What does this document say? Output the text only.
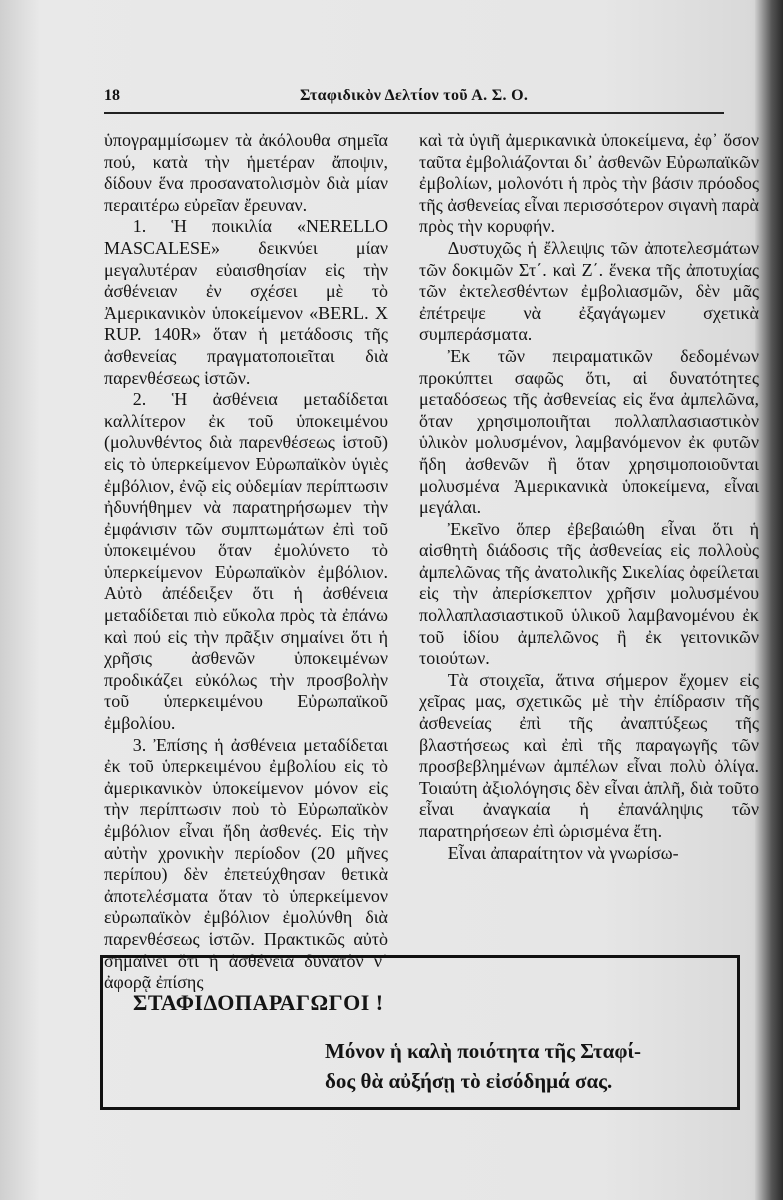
18	Σταφιδικὸν Δελτίον τοῦ Α. Σ. Ο.

ὑπογραμμίσωμεν τὰ ἀκόλουθα σημεῖα πού, κατὰ τὴν ἡμετέραν ἄποψιν, δίδουν ἕνα προσανατολισμὸν διὰ μίαν περαιτέρω εὐρεῖαν ἔρευναν.

1. Ἡ ποικιλία «NERELLO MASCALESE» δεικνύει μίαν μεγαλυτέραν εὐαισθησίαν εἰς τὴν ἀσθένειαν ἐν σχέσει μὲ τὸ Ἀμερικανικὸν ὑποκείμενον «BERL. X RUP. 140R» ὅταν ἡ μετάδοσις τῆς ἀσθενείας πραγματοποιεῖται διὰ παρενθέσεως ἱστῶν.

2. Ἡ ἀσθένεια μεταδίδεται καλλίτερον ἐκ τοῦ ὑποκειμένου (μολυνθέντος διὰ παρενθέσεως ἱστοῦ) εἰς τὸ ὑπερκείμενον Εὐρωπαϊκὸν ὑγιὲς ἐμβόλιον, ἐνῷ εἰς οὐδεμίαν περίπτωσιν ἠδυνήθημεν νὰ παρατηρήσωμεν τὴν ἐμφάνισιν τῶν συμπτωμάτων ἐπὶ τοῦ ὑποκειμένου ὅταν ἐμολύνετο τὸ ὑπερκείμενον Εὐρωπαϊκὸν ἐμβόλιον. Αὐτὸ ἀπέδειξεν ὅτι ἡ ἀσθένεια μεταδίδεται πιὸ εὔκολα πρὸς τὰ ἐπάνω καὶ πού εἰς τὴν πρᾶξιν σημαίνει ὅτι ἡ χρῆσις ἀσθενῶν ὑποκειμένων προδικάζει εὐκόλως τὴν προσβολὴν τοῦ ὑπερκειμένου Εὐρωπαϊκοῦ ἐμβολίου.

3. Ἐπίσης ἡ ἀσθένεια μεταδίδεται ἐκ τοῦ ὑπερκειμένου ἐμβολίου εἰς τὸ ἀμερικανικὸν ὑποκείμενον μόνον εἰς τὴν περίπτωσιν ποὺ τὸ Εὐρωπαϊκὸν ἐμβόλιον εἶναι ἤδη ἀσθενές. Εἰς τὴν αὐτὴν χρονικὴν περίοδον (20 μῆνες περίπου) δὲν ἐπετεύχθησαν θετικὰ ἀποτελέσματα ὅταν τὸ ὑπερκείμενον εὐρωπαϊκὸν ἐμβόλιον ἐμολύνθη διὰ παρενθέσεως ἱστῶν. Πρακτικῶς αὐτὸ σημαίνει ὅτι ἡ ἀσθένεια δυνατὸν ν᾿ ἀφορᾷ ἐπίσης

καὶ τὰ ὑγιῆ ἀμερικανικὰ ὑποκείμενα, ἐφ᾿ ὅσον ταῦτα ἐμβολιάζονται δι᾿ ἀσθενῶν Εὐρωπαϊκῶν ἐμβολίων, μολονότι ἡ πρὸς τὴν βάσιν πρόοδος τῆς ἀσθενείας εἶναι περισσότερον σιγανὴ παρὰ πρὸς τὴν κορυφήν.

Δυστυχῶς ἡ ἔλλειψις τῶν ἀποτελεσμάτων τῶν δοκιμῶν Στ΄. καὶ Ζ΄. ἕνεκα τῆς ἀποτυχίας τῶν ἐκτελεσθέντων ἐμβολιασμῶν, δὲν μᾶς ἐπέτρεψε νὰ ἐξαγάγωμεν σχετικὰ συμπεράσματα.

Ἐκ τῶν πειραματικῶν δεδομένων προκύπτει σαφῶς ὅτι, αἱ δυνατότητες μεταδόσεως τῆς ἀσθενείας εἰς ἕνα ἀμπελῶνα, ὅταν χρησιμοποιῆται πολλαπλασιαστικὸν ὑλικὸν μολυσμένον, λαμβανόμενον ἐκ φυτῶν ἤδη ἀσθενῶν ἢ ὅταν χρησιμοποιοῦνται μολυσμένα Ἀμερικανικὰ ὑποκείμενα, εἶναι μεγάλαι.

Ἐκεῖνο ὅπερ ἐβεβαιώθη εἶναι ὅτι ἡ αἰσθητὴ διάδοσις τῆς ἀσθενείας εἰς πολλοὺς ἀμπελῶνας τῆς ἀνατολικῆς Σικελίας ὀφείλεται εἰς τὴν ἀπερίσκεπτον χρῆσιν μολυσμένου πολλαπλασιαστικοῦ ὑλικοῦ λαμβανομένου ἐκ τοῦ ἰδίου ἀμπελῶνος ἢ ἐκ γειτονικῶν τοιούτων.

Τὰ στοιχεῖα, ἅτινα σήμερον ἔχομεν εἰς χεῖρας μας, σχετικῶς μὲ τὴν ἐπίδρασιν τῆς ἀσθενείας ἐπὶ τῆς ἀναπτύξεως τῆς βλαστήσεως καὶ ἐπὶ τῆς παραγωγῆς τῶν προσβεβλημένων ἀμπέλων εἶναι πολὺ ὀλίγα. Τοιαύτη ἀξιολόγησις δὲν εἶναι ἁπλῆ, διὰ τοῦτο εἶναι ἀναγκαία ἡ ἐπανάληψις τῶν παρατηρήσεων ἐπὶ ὡρισμένα ἔτη.

Εἶναι ἀπαραίτητον νὰ γνωρίσω-

ΣΤΑΦΙΔΟΠΑΡΑΓΩΓΟΙ !
Μόνον ἡ καλὴ ποιότητα τῆς Σταφί-
δος θὰ αὐξήσῃ τὸ εἰσόδημά σας.
